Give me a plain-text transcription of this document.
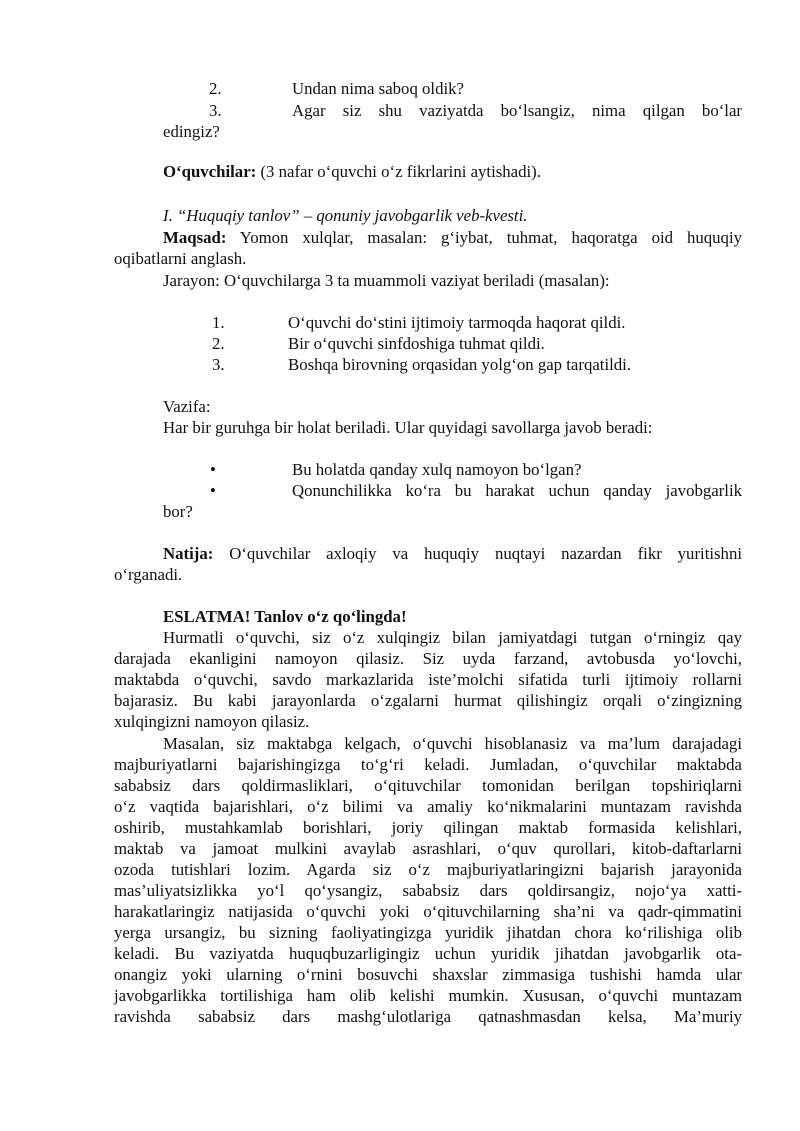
2.	Undan nima saboq oldik?
3.	Agar siz shu vaziyatda bo‘lsangiz, nima qilgan bo‘lar
edingiz?
O‘quvchilar: (3 nafar o‘quvchi o‘z fikrlarini aytishadi).
I. “Huquqiy tanlov” – qonuniy javobgarlik veb-kvesti.
Maqsad: Yomon xulqlar, masalan: g‘iybat, tuhmat, haqoratga oid huquqiy
oqibatlarni anglash.
Jarayon: O‘quvchilarga 3 ta muammoli vaziyat beriladi (masalan):
1.	O‘quvchi do‘stini ijtimoiy tarmoqda haqorat qildi.
2.	Bir o‘quvchi sinfdoshiga tuhmat qildi.
3.	Boshqa birovning orqasidan yolg‘on gap tarqatildi.
Vazifa:
Har bir guruhga bir holat beriladi. Ular quyidagi savollarga javob beradi:
•	Bu holatda qanday xulq namoyon bo‘lgan?
•	Qonunchilikka ko‘ra bu harakat uchun qanday javobgarlik
bor?
Natija: O‘quvchilar axloqiy va huquqiy nuqtayi nazardan fikr yuritishni
o‘rganadi.
ESLATMA! Tanlov o‘z qo‘lingda!
Hurmatli o‘quvchi, siz o‘z xulqingiz bilan jamiyatdagi tutgan o‘rningiz qay
darajada ekanligini namoyon qilasiz. Siz uyda farzand, avtobusda yo‘lovchi,
maktabda o‘quvchi, savdo markazlarida iste’molchi sifatida turli ijtimoiy rollarni
bajarasiz. Bu kabi jarayonlarda o‘zgalarni hurmat qilishingiz orqali o‘zingizning
xulqingizni namoyon qilasiz.
Masalan, siz maktabga kelgach, o‘quvchi hisoblanasiz va ma’lum darajadagi
majburiyatlarni bajarishingizga to‘g‘ri keladi. Jumladan, o‘quvchilar maktabda
sababsiz dars qoldirmasliklari, o‘qituvchilar tomonidan berilgan topshiriqlarni
o‘z vaqtida bajarishlari, o‘z bilimi va amaliy ko‘nikmalarini muntazam ravishda
oshirib, mustahkamlab borishlari, joriy qilingan maktab formasida kelishlari,
maktab va jamoat mulkini avaylab asrashlari, o‘quv qurollari, kitob-daftarlarni
ozoda tutishlari lozim. Agarda siz o‘z majburiyatlaringizni bajarish jarayonida
mas’uliyatsizlikka yo‘l qo‘ysangiz, sababsiz dars qoldirsangiz, nojo‘ya xatti-
harakatlaringiz natijasida o‘quvchi yoki o‘qituvchilarning sha’ni va qadr-qimmatini
yerga ursangiz, bu sizning faoliyatingizga yuridik jihatdan chora ko‘rilishiga olib
keladi. Bu vaziyatda huquqbuzarligingiz uchun yuridik jihatdan javobgarlik ota-
onangiz yoki ularning o‘rnini bosuvchi shaxslar zimmasiga tushishi hamda ular
javobgarlikka tortilishiga ham olib kelishi mumkin. Xususan, o‘quvchi muntazam
ravishda sababsiz dars mashg‘ulotlariga qatnashmasdan kelsa, Ma’muriy
